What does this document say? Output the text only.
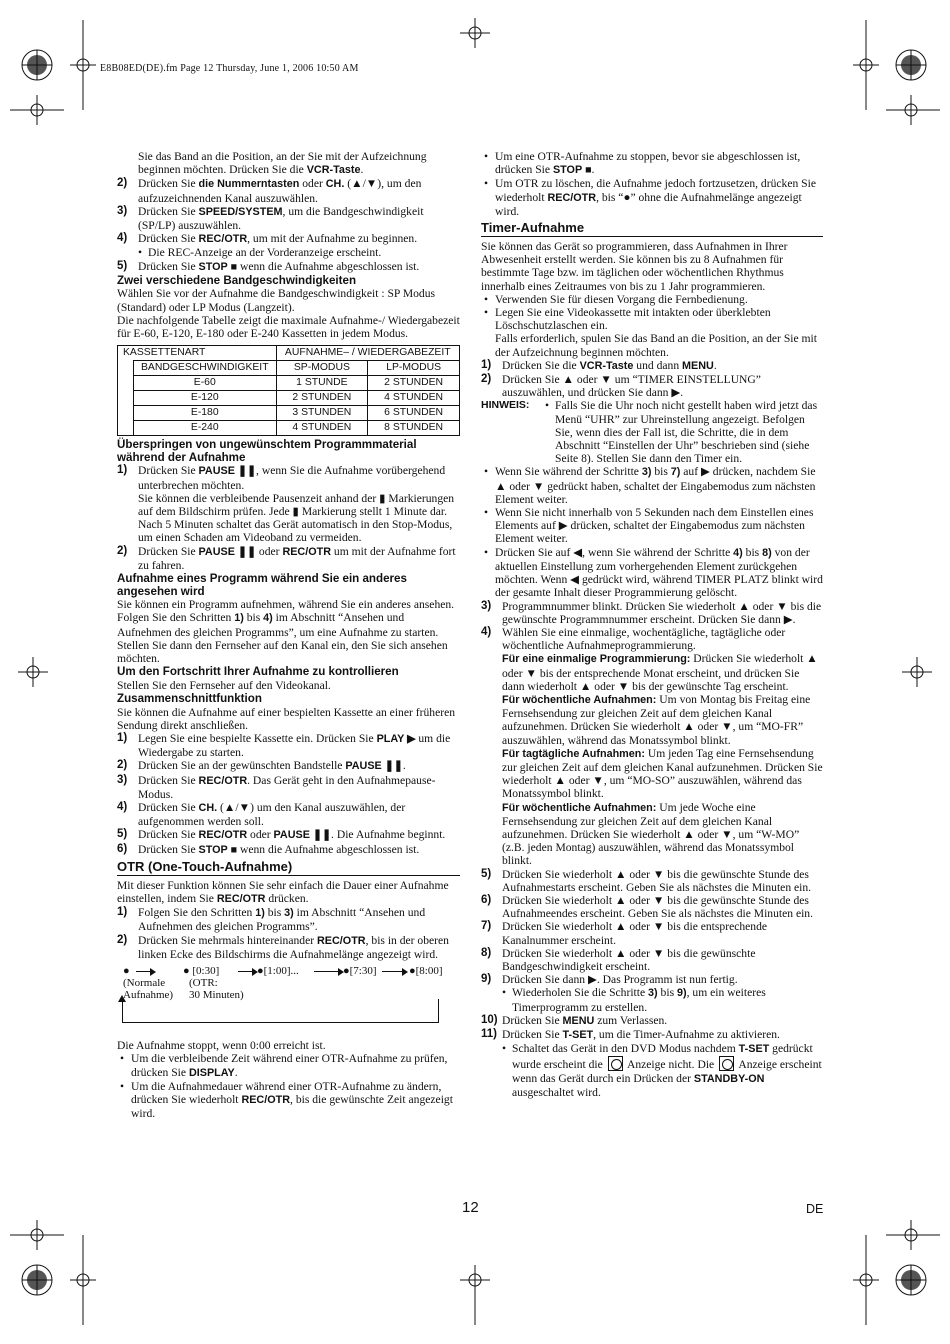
E8B08ED(DE).fm Page 12 Thursday, June 1, 2006 10:50 AM

Sie das Band an die Position, an der Sie mit der Aufzeichnung beginnen möchten. Drücken Sie die VCR-Taste.

2) Drücken Sie die Nummerntasten oder CH. (▲/▼), um den aufzuzeichnenden Kanal auszuwählen.
3) Drücken Sie SPEED/SYSTEM, um die Bandgeschwindigkeit (SP/LP) auszuwählen.
4) Drücken Sie REC/OTR, um mit der Aufnahme zu beginnen.

• Die REC-Anzeige an der Vorderanzeige erscheint.
5) Drücken Sie STOP ■ wenn die Aufnahme abgeschlossen ist.
Zwei verschiedene Bandgeschwindigkeiten

Wählen Sie vor der Aufnahme die Bandgeschwindigkeit : SP Modus (Standard) oder LP Modus (Langzeit).

Die nachfolgende Tabelle zeigt die maximale Aufnahme-/ Wiedergabezeit für E-60, E-120, E-180 oder E-240 Kassetten in jedem Modus.

KASSETTENART		AUFNAHME– / WIEDERGABEZEIT	
	BANDGESCHWINDIGKEIT	SP-MODUS	LP-MODUS
	E-60	1 STUNDE	2 STUNDEN
	E-120	2 STUNDEN	4 STUNDEN
	E-180	3 STUNDEN	6 STUNDEN
	E-240	4 STUNDEN	8 STUNDEN
Überspringen von ungewünschtem Programmmaterial während der Aufnahme
1) Drücken Sie PAUSE ❚❚, wenn Sie die Aufnahme vorübergehend unterbrechen möchten.
Sie können die verbleibende Pausenzeit anhand der ▮ Markierungen auf dem Bildschirm prüfen. Jede ▮ Markierung stellt 1 Minute dar. Nach 5 Minuten schaltet das Gerät automatisch in den Stop-Modus, um einen Schaden am Videoband zu vermeiden.
2) Drücken Sie PAUSE ❚❚ oder REC/OTR um mit der Aufnahme fort zu fahren.
Aufnahme eines Programm während Sie ein anderes angesehen wird

Sie können ein Programm aufnehmen, während Sie ein anderes ansehen. Folgen Sie den Schritten 1) bis 4) im Abschnitt “Ansehen und Aufnehmen des gleichen Programms”, um eine Aufnahme zu starten. Stellen Sie dann den Fernseher auf den Kanal ein, den Sie sich ansehen möchten.

Um den Fortschritt Ihrer Aufnahme zu kontrollieren

Stellen Sie den Fernseher auf den Videokanal.

Zusammenschnittfunktion

Sie können die Aufnahme auf einer bespielten Kassette an einer früheren Sendung direkt anschließen.

1) Legen Sie eine bespielte Kassette ein. Drücken Sie PLAY ▶ um die Wiedergabe zu starten.
2) Drücken Sie an der gewünschten Bandstelle PAUSE ❚❚.
3) Drücken Sie REC/OTR. Das Gerät geht in den Aufnahmepause-Modus.
4) Drücken Sie CH. (▲/▼) um den Kanal auszuwählen, der aufgenommen werden soll.
5) Drücken Sie REC/OTR oder PAUSE ❚❚. Die Aufnahme beginnt.
6) Drücken Sie STOP ■ wenn die Aufnahme abgeschlossen ist.
OTR (One-Touch-Aufnahme)

Mit dieser Funktion können Sie sehr einfach die Dauer einer Aufnahme einstellen, indem Sie REC/OTR drücken.

1) Folgen Sie den Schritten 1) bis 3) im Abschnitt “Ansehen und Aufnehmen des gleichen Programms”.
2) Drücken Sie mehrmals hintereinander REC/OTR, bis in der oberen linken Ecke des Bildschirms die Aufnahmelänge angezeigt wird.
●	● [0:30]	●[1:00]...	●[7:30]	●[8:00]
(Normale
Aufnahme)
(OTR:
30 Minuten)

Die Aufnahme stoppt, wenn 0:00 erreicht ist.

• Um die verbleibende Zeit während einer OTR-Aufnahme zu prüfen, drücken Sie DISPLAY.
• Um die Aufnahmedauer während einer OTR-Aufnahme zu ändern, drücken Sie wiederholt REC/OTR, bis die gewünschte Zeit angezeigt wird.
• Um eine OTR-Aufnahme zu stoppen, bevor sie abgeschlossen ist, drücken Sie STOP ■.
• Um OTR zu löschen, die Aufnahme jedoch fortzusetzen, drücken Sie wiederholt REC/OTR, bis “●” ohne die Aufnahmelänge angezeigt wird.
Timer-Aufnahme

Sie können das Gerät so programmieren, dass Aufnahmen in Ihrer Abwesenheit erstellt werden. Sie können bis zu 8 Aufnahmen für bestimmte Tage bzw. im täglichen oder wöchentlichen Rhythmus innerhalb eines Zeitraumes von bis zu 1 Jahr programmieren.

• Verwenden Sie für diesen Vorgang die Fernbedienung.
• Legen Sie eine Videokassette mit intakten oder überklebten Löschschutzlaschen ein.
Falls erforderlich, spulen Sie das Band an die Position, an der Sie mit der Aufzeichnung beginnen möchten.
1) Drücken Sie die VCR-Taste und dann MENU.
2) Drücken Sie ▲ oder ▼ um “TIMER EINSTELLUNG” auszuwählen, und drücken Sie dann ▶.
HINWEIS:	• Falls Sie die Uhr noch nicht gestellt haben wird jetzt das Menü “UHR” zur Uhreinstellung angezeigt. Befolgen Sie, wenn dies der Fall ist, die Schritte, die in dem Abschnitt “Einstellen der Uhr” beschrieben sind (siehe Seite 8). Stellen Sie dann den Timer ein.
• Wenn Sie während der Schritte 3) bis 7) auf ▶ drücken, nachdem Sie ▲ oder ▼ gedrückt haben, schaltet der Eingabemodus zum nächsten Element weiter.
• Wenn Sie nicht innerhalb von 5 Sekunden nach dem Einstellen eines Elements auf ▶ drücken, schaltet der Eingabemodus zum nächsten Element weiter.
• Drücken Sie auf ◀, wenn Sie während der Schritte 4) bis 8) von der aktuellen Einstellung zum vorhergehenden Element zurückgehen möchten. Wenn ◀ gedrückt wird, während TIMER PLATZ blinkt wird der gesamte Inhalt dieser Programmierung gelöscht.
3) Programmnummer blinkt. Drücken Sie wiederholt ▲ oder ▼ bis die gewünschte Programmnummer erscheint. Drücken Sie dann ▶.
4) Wählen Sie eine einmalige, wochentägliche, tagtägliche oder wöchentliche Aufnahmeprogrammierung.
Für eine einmalige Programmierung: Drücken Sie wiederholt ▲ oder ▼ bis der entsprechende Monat erscheint, und drücken Sie dann wiederholt ▲ oder ▼ bis der gewünschte Tag erscheint.
Für wöchentliche Aufnahmen: Um von Montag bis Freitag eine Fernsehsendung zur gleichen Zeit auf dem gleichen Kanal aufzunehmen. Drücken Sie wiederholt ▲ oder ▼, um “MO-FR” auszuwählen, während das Monatssymbol blinkt.
Für tagtägliche Aufnahmen: Um jeden Tag eine Fernsehsendung zur gleichen Zeit auf dem gleichen Kanal aufzunehmen. Drücken Sie wiederholt ▲ oder ▼, um “MO-SO” auszuwählen, während das Monatssymbol blinkt.
Für wöchentliche Aufnahmen: Um jede Woche eine Fernsehsendung zur gleichen Zeit auf dem gleichen Kanal aufzunehmen. Drücken Sie wiederholt ▲ oder ▼, um “W-MO” (z.B. jeden Montag) auszuwählen, während das Monatssymbol blinkt.
5) Drücken Sie wiederholt ▲ oder ▼ bis die gewünschte Stunde des Aufnahmestarts erscheint. Geben Sie als nächstes die Minuten ein.
6) Drücken Sie wiederholt ▲ oder ▼ bis die gewünschte Stunde des Aufnahmeendes erscheint. Geben Sie als nächstes die Minuten ein.
7) Drücken Sie wiederholt ▲ oder ▼ bis die entsprechende Kanalnummer erscheint.
8) Drücken Sie wiederholt ▲ oder ▼ bis die gewünschte Bandgeschwindigkeit erscheint.
9) Drücken Sie dann ▶. Das Programm ist nun fertig.

• Wiederholen Sie die Schritte 3) bis 9), um ein weiteres Timerprogramm zu erstellen.
10) Drücken Sie MENU zum Verlassen.
11) Drücken Sie T-SET, um die Timer-Aufnahme zu aktivieren.

• Schaltet das Gerät in den DVD Modus nachdem T-SET gedrückt wurde erscheint die  Anzeige nicht. Die  Anzeige erscheint wenn das Gerät durch ein Drücken der STANDBY-ON ausgeschaltet wird.
12	DE
